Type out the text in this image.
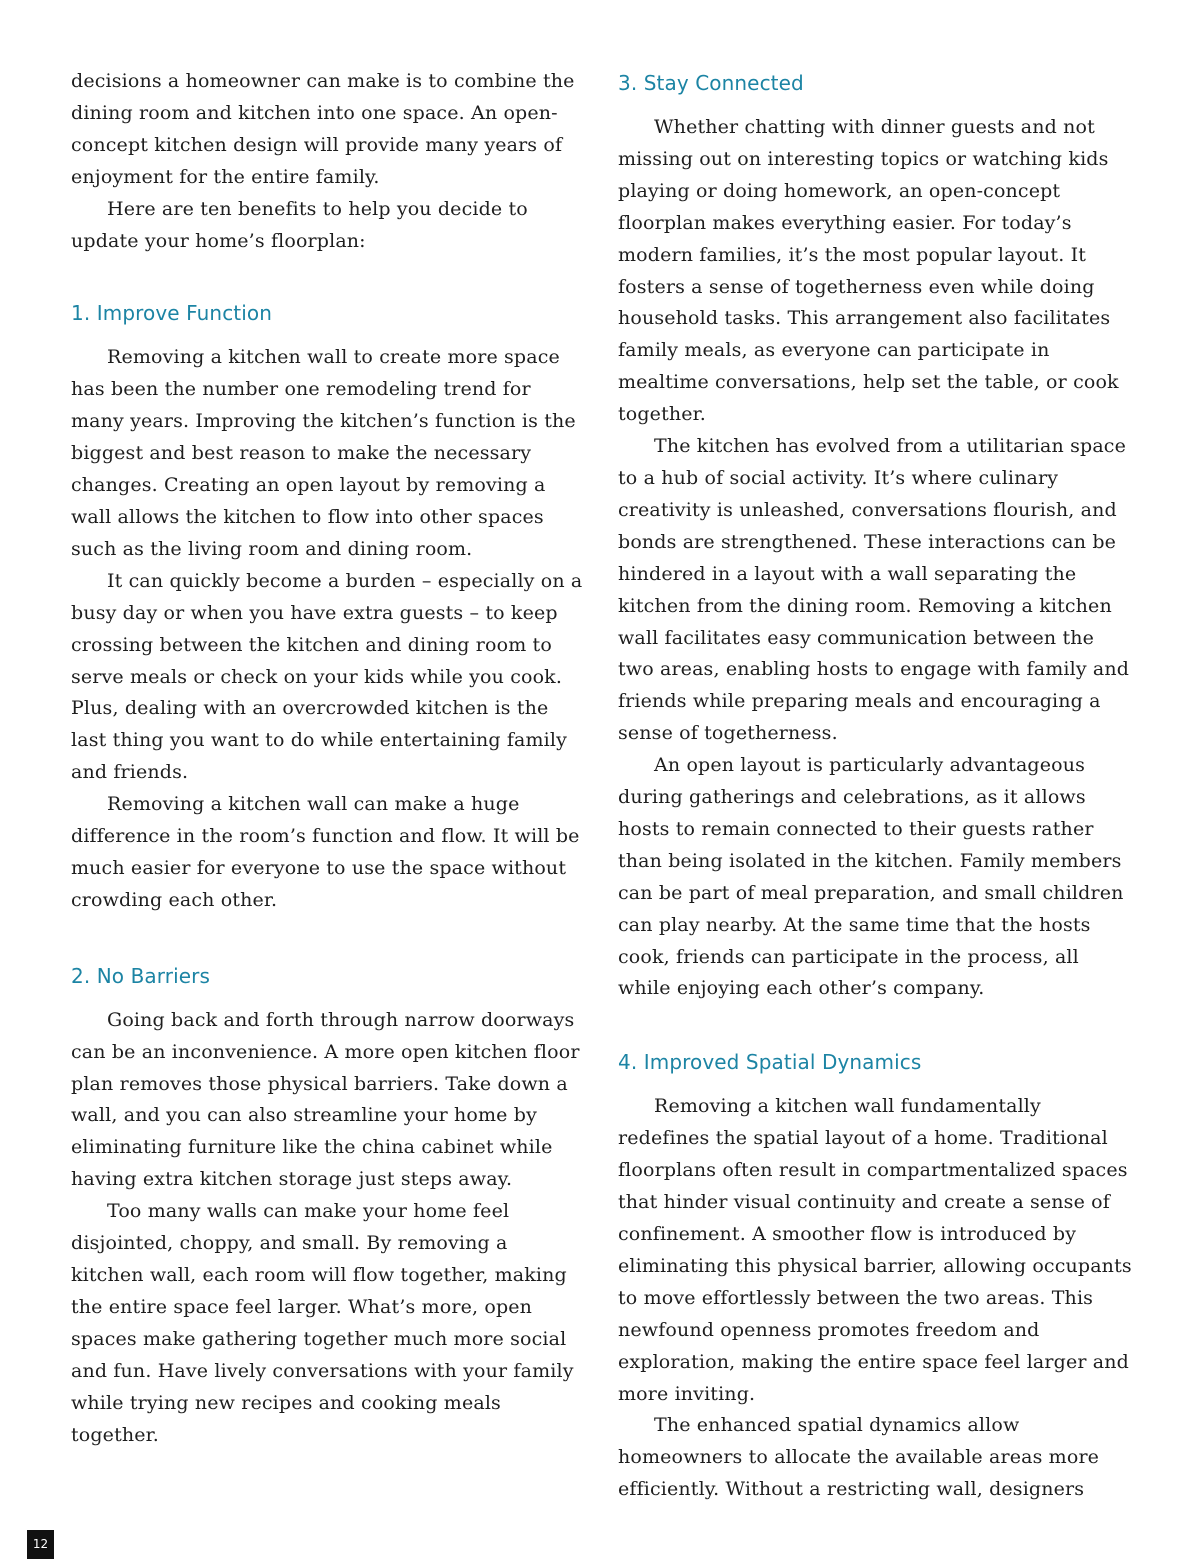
decisions a homeowner can make is to combine the dining room and kitchen into one space. An open-concept kitchen design will provide many years of enjoyment for the entire family.

Here are ten benefits to help you decide to update your home’s floorplan:

1. Improve Function

Removing a kitchen wall to create more space has been the number one remodeling trend for many years. Improving the kitchen’s function is the biggest and best reason to make the necessary changes. Creating an open layout by removing a wall allows the kitchen to flow into other spaces such as the living room and dining room.

It can quickly become a burden – especially on a busy day or when you have extra guests – to keep crossing between the kitchen and dining room to serve meals or check on your kids while you cook. Plus, dealing with an overcrowded kitchen is the last thing you want to do while entertaining family and friends.

Removing a kitchen wall can make a huge difference in the room’s function and flow. It will be much easier for everyone to use the space without crowding each other.

2. No Barriers

Going back and forth through narrow doorways can be an inconvenience. A more open kitchen floor plan removes those physical barriers. Take down a wall, and you can also streamline your home by eliminating furniture like the china cabinet while having extra kitchen storage just steps away.

Too many walls can make your home feel disjointed, choppy, and small. By removing a kitchen wall, each room will flow together, making the entire space feel larger. What’s more, open spaces make gathering together much more social and fun. Have lively conversations with your family while trying new recipes and cooking meals together.

3. Stay Connected

Whether chatting with dinner guests and not missing out on interesting topics or watching kids playing or doing homework, an open-concept floorplan makes everything easier. For today’s modern families, it’s the most popular layout. It fosters a sense of togetherness even while doing household tasks. This arrangement also facilitates family meals, as everyone can participate in mealtime conversations, help set the table, or cook together.

The kitchen has evolved from a utilitarian space to a hub of social activity. It’s where culinary creativity is unleashed, conversations flourish, and bonds are strengthened. These interactions can be hindered in a layout with a wall separating the kitchen from the dining room. Removing a kitchen wall facilitates easy communication between the two areas, enabling hosts to engage with family and friends while preparing meals and encouraging a sense of togetherness.

An open layout is particularly advantageous during gatherings and celebrations, as it allows hosts to remain connected to their guests rather than being isolated in the kitchen. Family members can be part of meal preparation, and small children can play nearby. At the same time that the hosts cook, friends can participate in the process, all while enjoying each other’s company.

4. Improved Spatial Dynamics

Removing a kitchen wall fundamentally redefines the spatial layout of a home. Traditional floorplans often result in compartmentalized spaces that hinder visual continuity and create a sense of confinement. A smoother flow is introduced by eliminating this physical barrier, allowing occupants to move effortlessly between the two areas. This newfound openness promotes freedom and exploration, making the entire space feel larger and more inviting.

The enhanced spatial dynamics allow homeowners to allocate the available areas more efficiently. Without a restricting wall, designers

12
